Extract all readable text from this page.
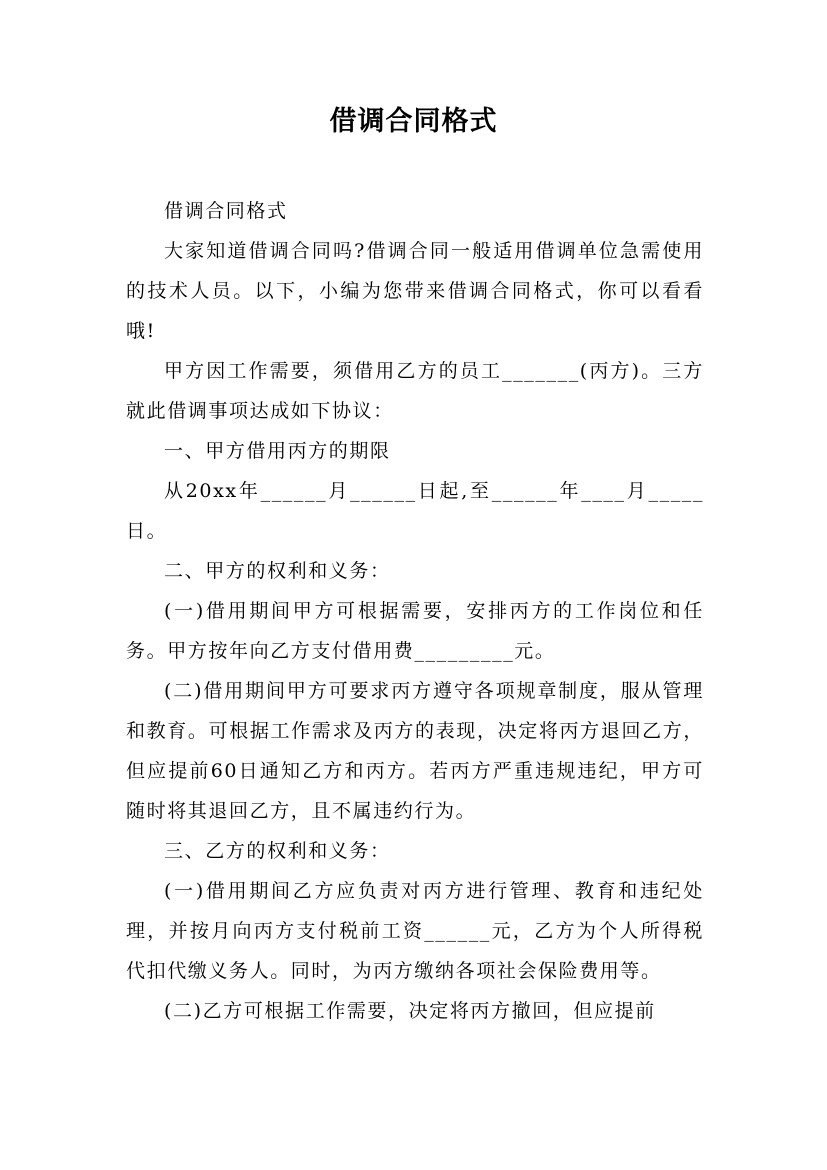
借调合同格式

借调合同格式

大家知道借调合同吗?借调合同一般适用借调单位急需使用的技术人员。以下，小编为您带来借调合同格式，你可以看看哦!

甲方因工作需要，须借用乙方的员工_______(丙方)。三方就此借调事项达成如下协议：

一、甲方借用丙方的期限

从20xx年______月______日起,至______年____月_____日。

二、甲方的权利和义务：

(一)借用期间甲方可根据需要，安排丙方的工作岗位和任务。甲方按年向乙方支付借用费_________元。

(二)借用期间甲方可要求丙方遵守各项规章制度，服从管理和教育。可根据工作需求及丙方的表现，决定将丙方退回乙方，但应提前60日通知乙方和丙方。若丙方严重违规违纪，甲方可随时将其退回乙方，且不属违约行为。

三、乙方的权利和义务：

(一)借用期间乙方应负责对丙方进行管理、教育和违纪处理，并按月向丙方支付税前工资______元，乙方为个人所得税代扣代缴义务人。同时，为丙方缴纳各项社会保险费用等。

(二)乙方可根据工作需要，决定将丙方撤回，但应提前
